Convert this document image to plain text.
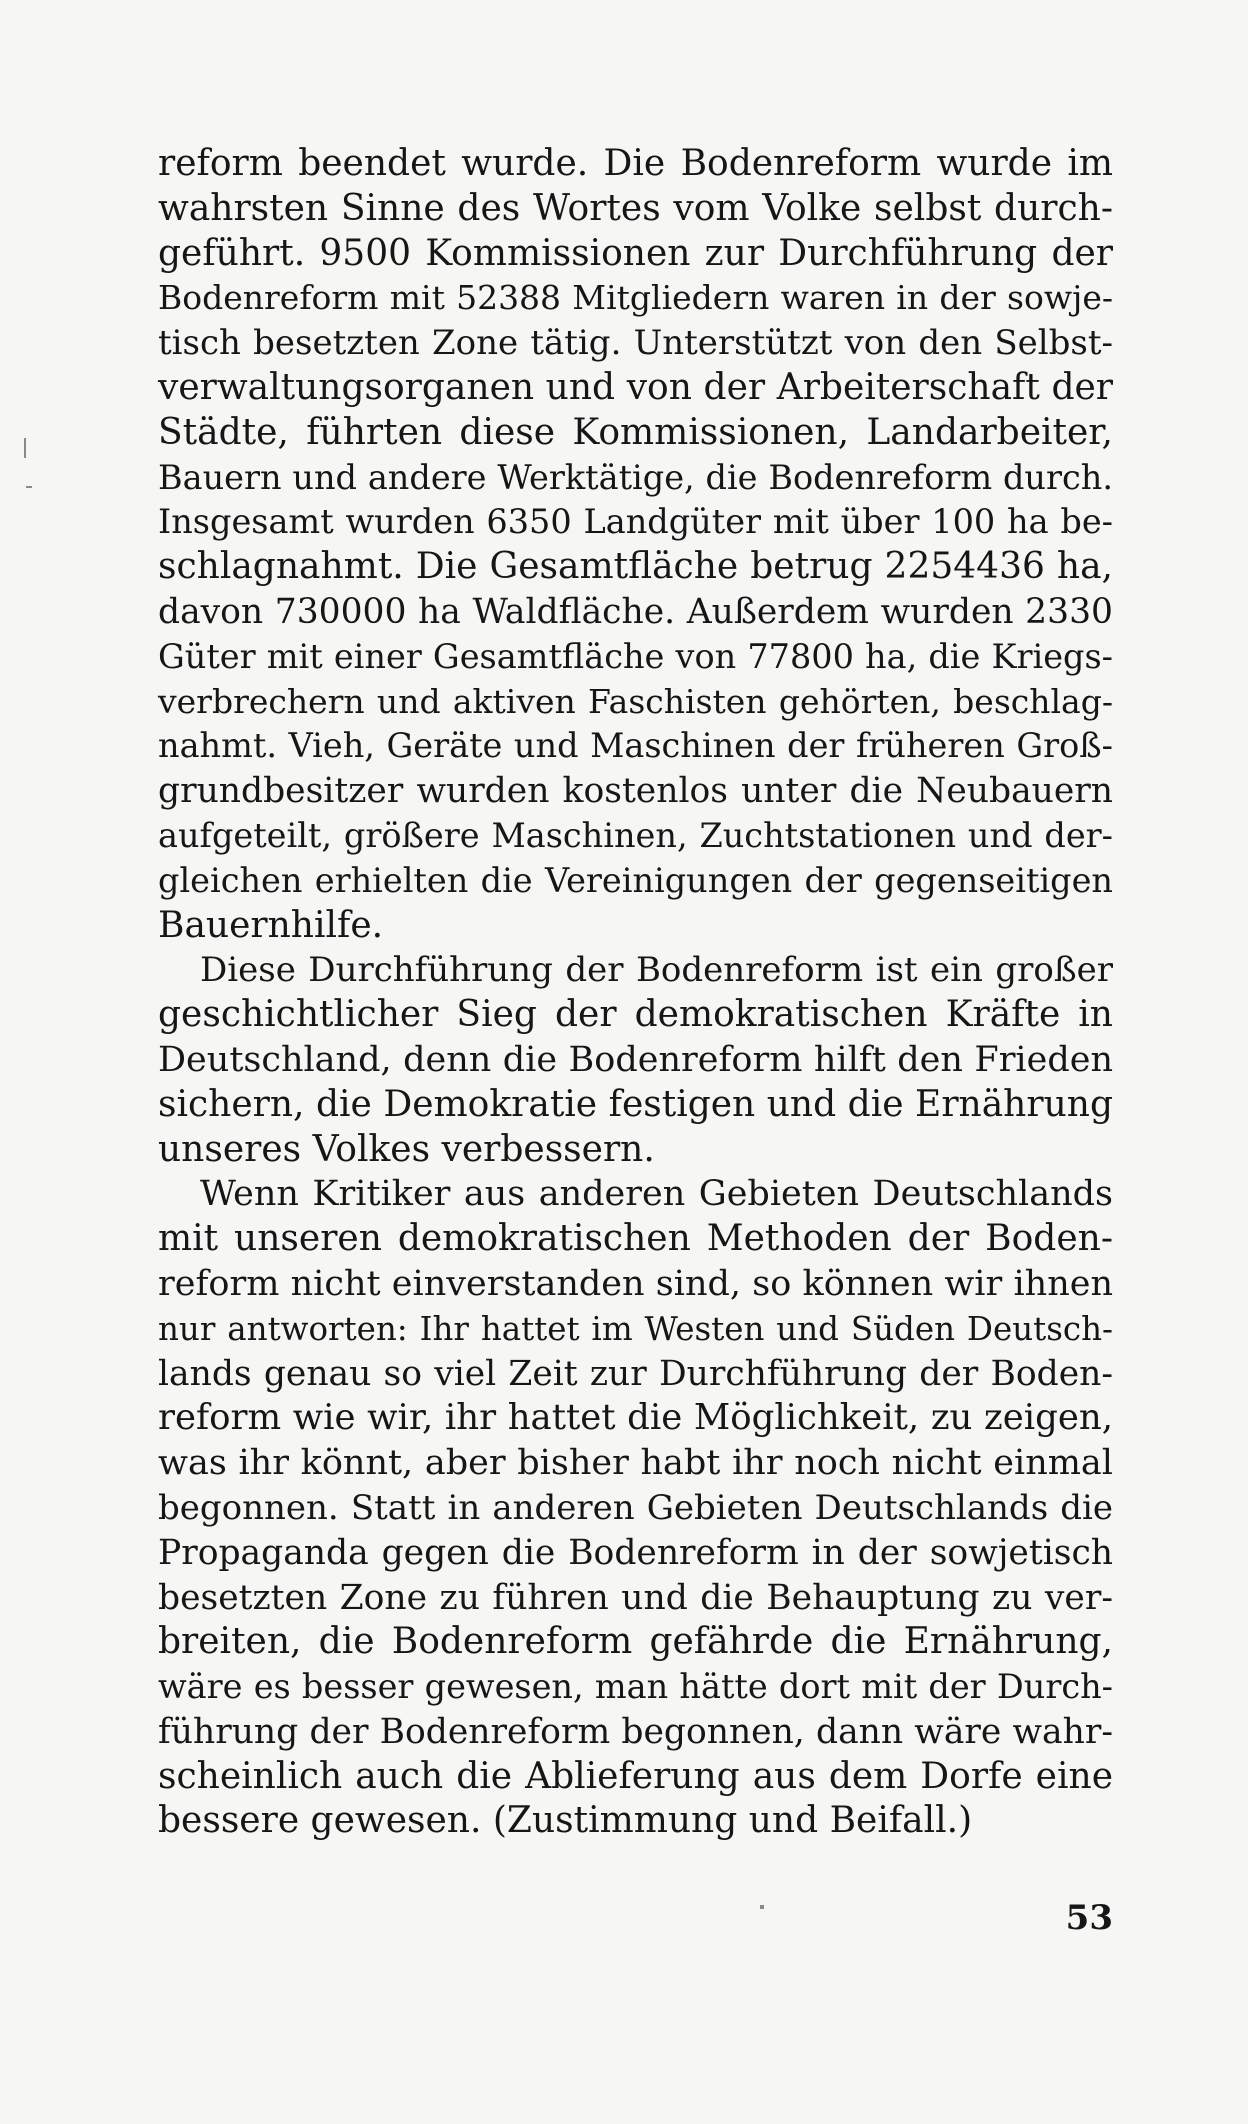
reform beendet wurde. Die Bodenreform wurde im
wahrsten Sinne des Wortes vom Volke selbst durch-
geführt. 9500 Kommissionen zur Durchführung der
Bodenreform mit 52388 Mitgliedern waren in der sowje-
tisch besetzten Zone tätig. Unterstützt von den Selbst-
verwaltungsorganen und von der Arbeiterschaft der
Städte, führten diese Kommissionen, Landarbeiter,
Bauern und andere Werktätige, die Bodenreform durch.
Insgesamt wurden 6350 Landgüter mit über 100 ha be-
schlagnahmt. Die Gesamtfläche betrug 2254436 ha,
davon 730000 ha Waldfläche. Außerdem wurden 2330
Güter mit einer Gesamtfläche von 77800 ha, die Kriegs-
verbrechern und aktiven Faschisten gehörten, beschlag-
nahmt. Vieh, Geräte und Maschinen der früheren Groß-
grundbesitzer wurden kostenlos unter die Neubauern
aufgeteilt, größere Maschinen, Zuchtstationen und der-
gleichen erhielten die Vereinigungen der gegenseitigen
Bauernhilfe.
Diese Durchführung der Bodenreform ist ein großer
geschichtlicher Sieg der demokratischen Kräfte in
Deutschland, denn die Bodenreform hilft den Frieden
sichern, die Demokratie festigen und die Ernährung
unseres Volkes verbessern.
Wenn Kritiker aus anderen Gebieten Deutschlands
mit unseren demokratischen Methoden der Boden-
reform nicht einverstanden sind, so können wir ihnen
nur antworten: Ihr hattet im Westen und Süden Deutsch-
lands genau so viel Zeit zur Durchführung der Boden-
reform wie wir, ihr hattet die Möglichkeit, zu zeigen,
was ihr könnt, aber bisher habt ihr noch nicht einmal
begonnen. Statt in anderen Gebieten Deutschlands die
Propaganda gegen die Bodenreform in der sowjetisch
besetzten Zone zu führen und die Behauptung zu ver-
breiten, die Bodenreform gefährde die Ernährung,
wäre es besser gewesen, man hätte dort mit der Durch-
führung der Bodenreform begonnen, dann wäre wahr-
scheinlich auch die Ablieferung aus dem Dorfe eine
bessere gewesen. (Zustimmung und Beifall.)
53
